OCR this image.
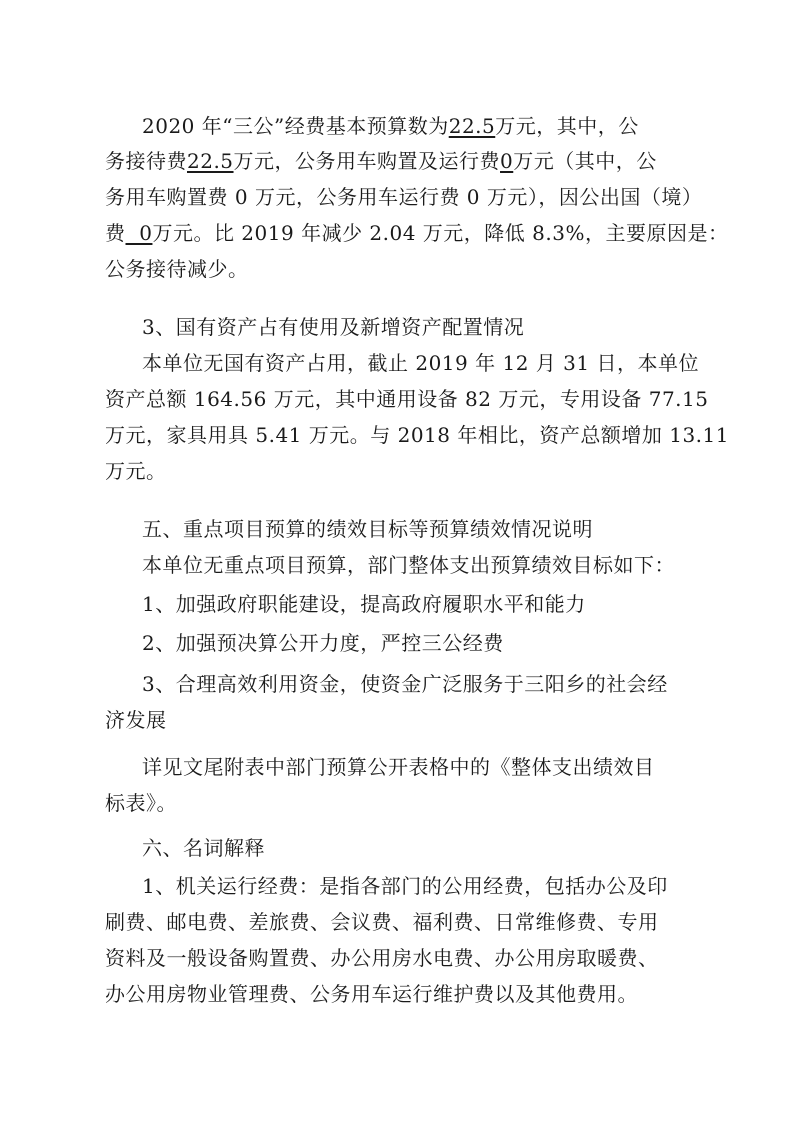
2020 年“三公”经费基本预算数为22.5万元，其中，公
务接待费22.5万元，公务用车购置及运行费0万元（其中，公
务用车购置费 0 万元，公务用车运行费 0 万元），因公出国（境）
费  0万元。比 2019 年减少 2.04 万元，降低 8.3%，主要原因是：
公务接待减少。
3、国有资产占有使用及新增资产配置情况
本单位无国有资产占用，截止 2019 年 12 月 31 日，本单位
资产总额 164.56 万元，其中通用设备 82 万元，专用设备 77.15
万元，家具用具 5.41 万元。与 2018 年相比，资产总额增加 13.11
万元。
五、重点项目预算的绩效目标等预算绩效情况说明
本单位无重点项目预算，部门整体支出预算绩效目标如下：
1、加强政府职能建设，提高政府履职水平和能力
2、加强预决算公开力度，严控三公经费
3、合理高效利用资金，使资金广泛服务于三阳乡的社会经
济发展
详见文尾附表中部门预算公开表格中的《整体支出绩效目
标表》。
六、名词解释
1、机关运行经费：是指各部门的公用经费，包括办公及印
刷费、邮电费、差旅费、会议费、福利费、日常维修费、专用
资料及一般设备购置费、办公用房水电费、办公用房取暖费、
办公用房物业管理费、公务用车运行维护费以及其他费用。
